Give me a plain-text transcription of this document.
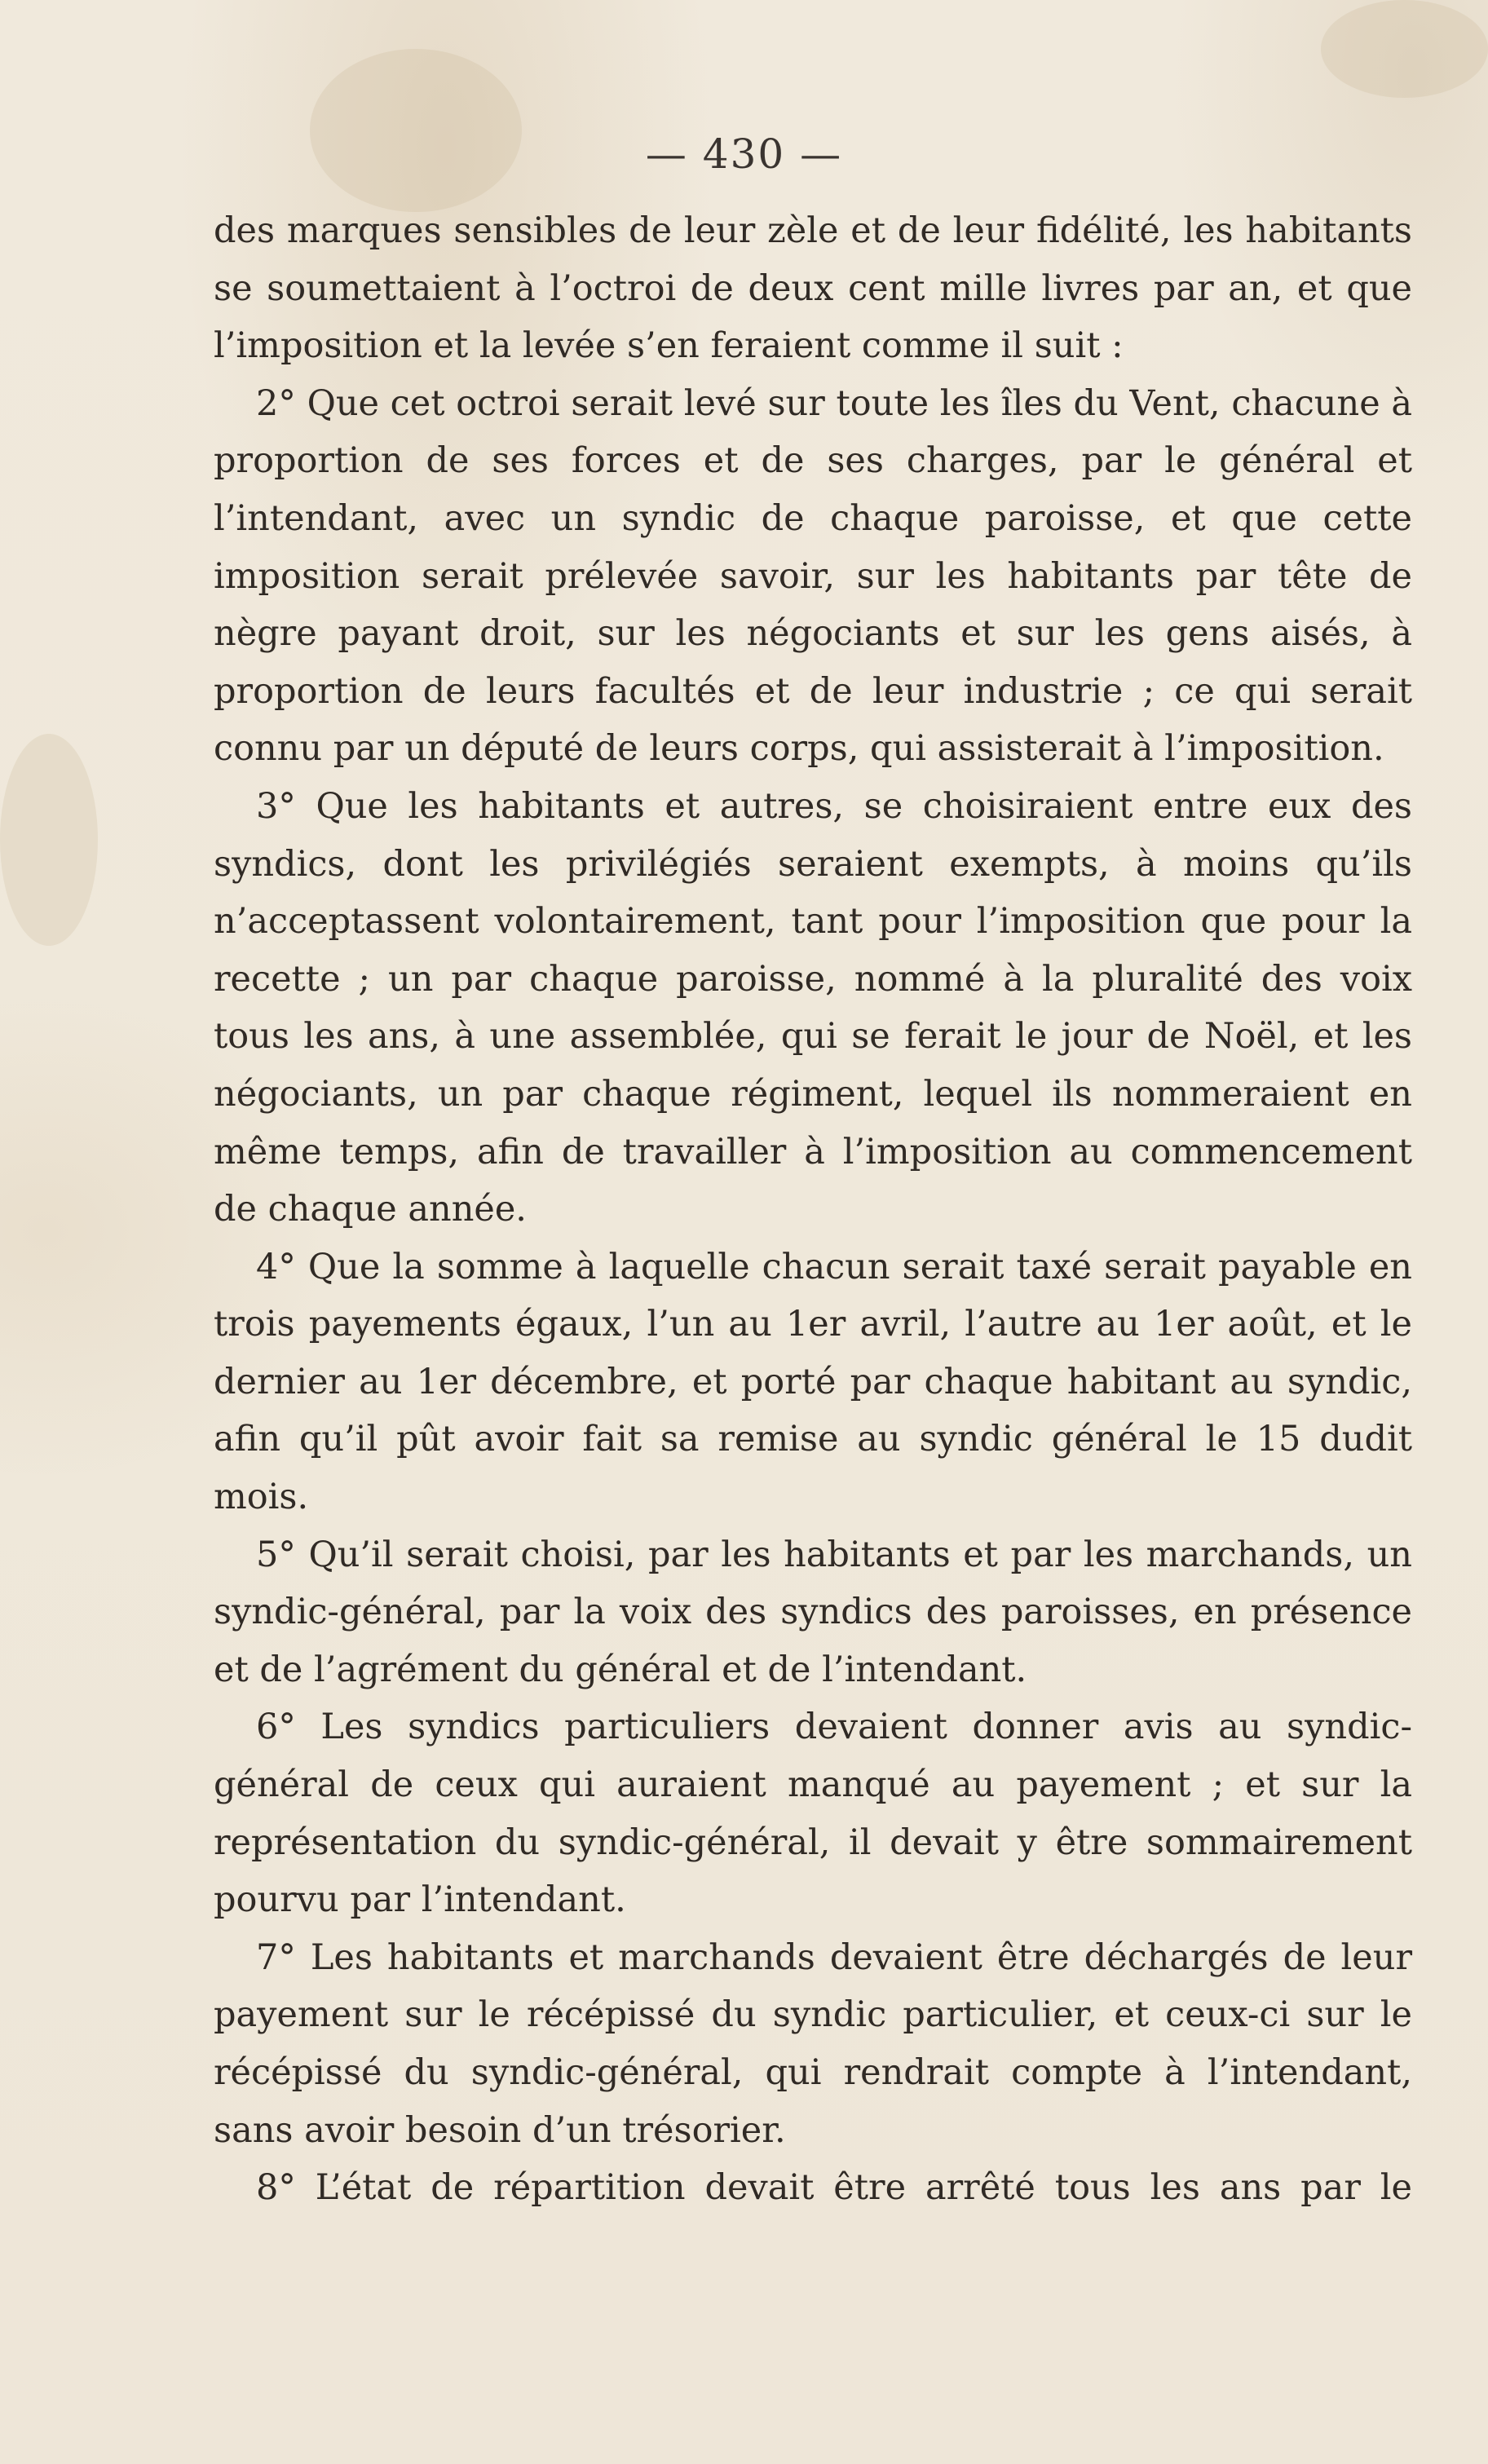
— 430 —

des marques sensibles de leur zèle et de leur fidélité, les habitants se soumettaient à l’octroi de deux cent mille livres par an, et que l’imposition et la levée s’en feraient comme il suit :

2° Que cet octroi serait levé sur toute les îles du Vent, chacune à proportion de ses forces et de ses charges, par le général et l’intendant, avec un syndic de chaque paroisse, et que cette imposition serait prélevée savoir, sur les habitants par tête de nègre payant droit, sur les négociants et sur les gens aisés, à proportion de leurs facultés et de leur industrie ; ce qui serait connu par un député de leurs corps, qui assisterait à l’imposition.

3° Que les habitants et autres, se choisiraient entre eux des syndics, dont les privilégiés seraient exempts, à moins qu’ils n’acceptassent volontairement, tant pour l’imposition que pour la recette ; un par chaque paroisse, nommé à la pluralité des voix tous les ans, à une assemblée, qui se ferait le jour de Noël, et les négociants, un par chaque régiment, lequel ils nommeraient en même temps, afin de travailler à l’imposition au commencement de chaque année.

4° Que la somme à laquelle chacun serait taxé serait payable en trois payements égaux, l’un au 1er avril, l’autre au 1er août, et le dernier au 1er décembre, et porté par chaque habitant au syndic, afin qu’il pût avoir fait sa remise au syndic général le 15 dudit mois.

5° Qu’il serait choisi, par les habitants et par les marchands, un syndic-général, par la voix des syndics des paroisses, en présence et de l’agrément du général et de l’intendant.

6° Les syndics particuliers devaient donner avis au syndic-général de ceux qui auraient manqué au payement ; et sur la représentation du syndic-général, il devait y être sommairement pourvu par l’intendant.

7° Les habitants et marchands devaient être déchargés de leur payement sur le récépissé du syndic particulier, et ceux-ci sur le récépissé du syndic-général, qui rendrait compte à l’intendant, sans avoir besoin d’un trésorier.

8° L’état de répartition devait être arrêté tous les ans par le
